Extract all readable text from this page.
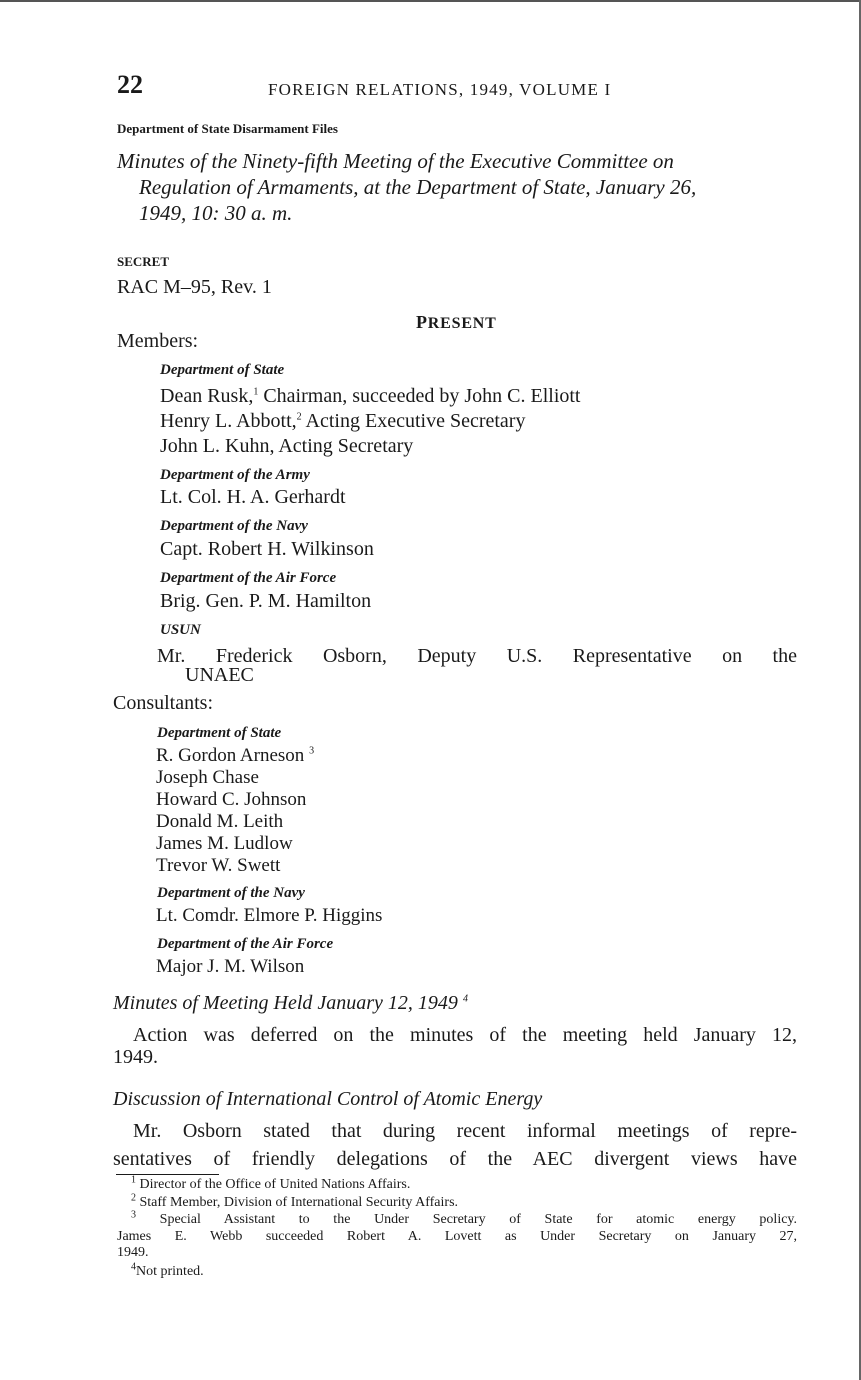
22	FOREIGN RELATIONS, 1949, VOLUME I
Department of State Disarmament Files
Minutes of the Ninety-fifth Meeting of the Executive Committee on
Regulation of Armaments, at the Department of State, January 26,
1949, 10: 30 a. m.
SECRET
RAC M–95, Rev. 1
PRESENT
Members:
Department of State
Dean Rusk,$^1$ Chairman, succeeded by John C. Elliott
Henry L. Abbott,$^2$ Acting Executive Secretary
John L. Kuhn, Acting Secretary
Department of the Army
Lt. Col. H. A. Gerhardt
Department of the Navy
Capt. Robert H. Wilkinson
Department of the Air Force
Brig. Gen. P. M. Hamilton
USUN
Mr. Frederick Osborn, Deputy U.S. Representative on the
UNAEC
Consultants:
Department of State
R. Gordon Arneson $^3$
Joseph Chase
Howard C. Johnson
Donald M. Leith
James M. Ludlow
Trevor W. Swett
Department of the Navy
Lt. Comdr. Elmore P. Higgins
Department of the Air Force
Major J. M. Wilson
Minutes of Meeting Held January 12, 1949 $^4$
Action was deferred on the minutes of the meeting held January 12,
1949.
Discussion of International Control of Atomic Energy
Mr. Osborn stated that during recent informal meetings of repre-
sentatives of friendly delegations of the AEC divergent views have
$^1$ Director of the Office of United Nations Affairs.
$^2$ Staff Member, Division of International Security Affairs.
$^3$ Special Assistant to the Under Secretary of State for atomic energy policy.
James E. Webb succeeded Robert A. Lovett as Under Secretary on January 27,
1949.
$^4$Not printed.
